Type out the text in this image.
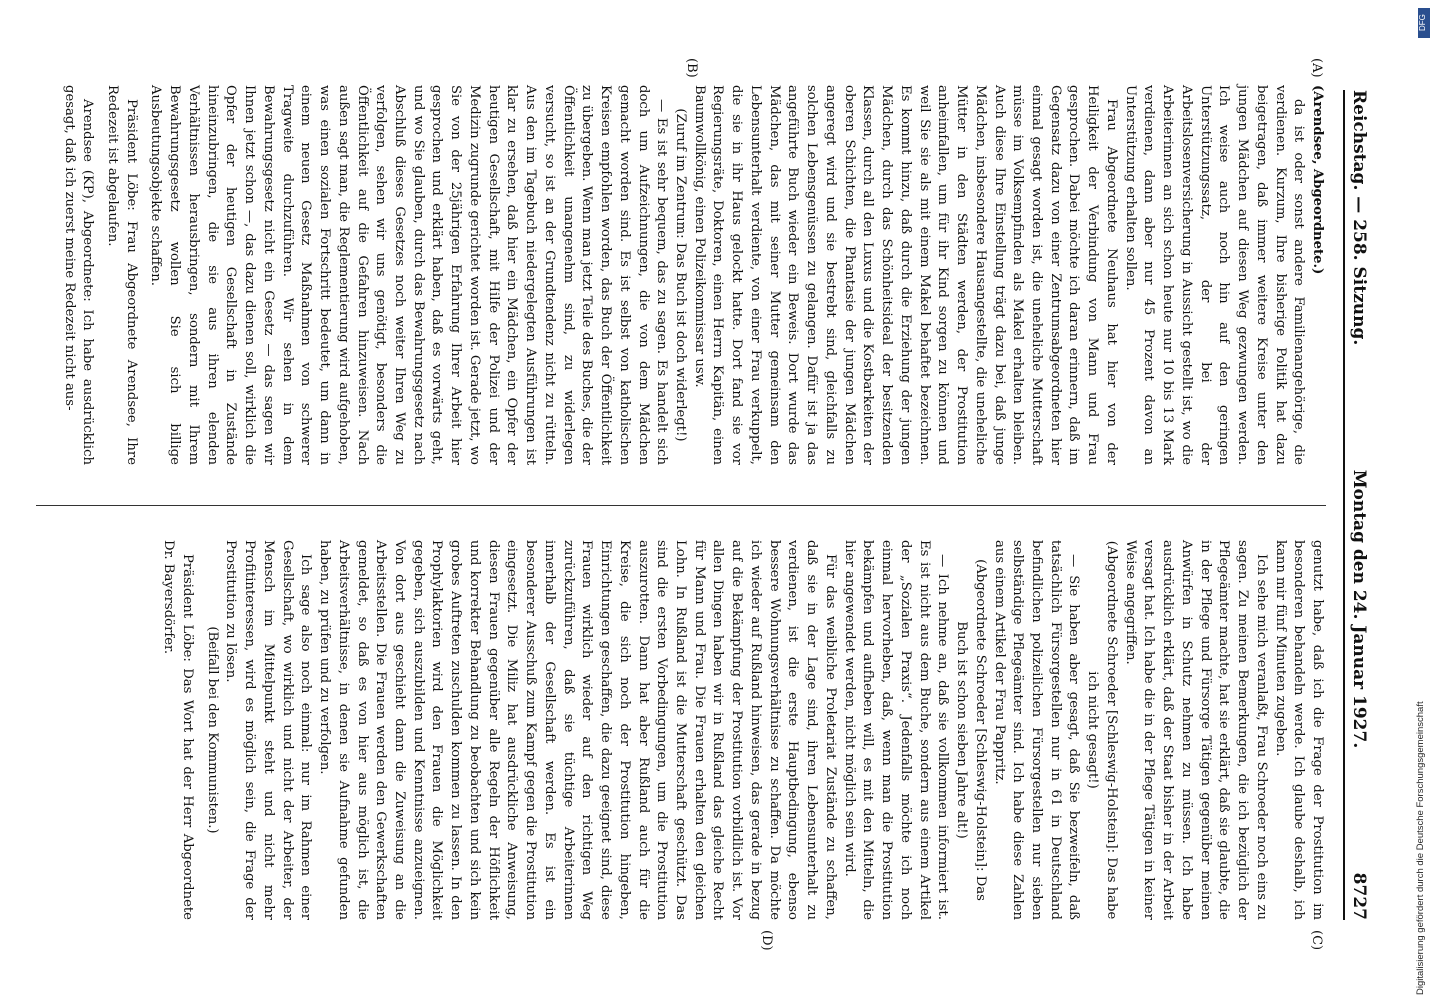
Reichstag. — 258. Sitzung.
Montag den 24. Januar 1927.
8727
(A)
(B)
(C)
(D)

(Arendsee, Abgeordnete.)

da ist oder sonst andere Familienangehörige, die verdienen. Kurzum, Ihre bisherige Politik hat dazu beigetragen, daß immer weitere Kreise unter den jungen Mädchen auf diesen Weg gezwungen werden. Ich weise auch noch hin auf den geringen Unterstützungssatz, der bei der Arbeitslosenversicherung in Aussicht gestellt ist, wo die Arbeiterinnen an sich schon heute nur 10 bis 13 Mark verdienen, dann aber nur 45 Prozent davon an Unterstützung erhalten sollen.

Frau Abgeordnete Neuhaus hat hier von der Heiligkeit der Verbindung von Mann und Frau gesprochen. Dabei möchte ich daran erinnern, daß im Gegensatz dazu von einer Zentrumsabgeordneten hier einmal gesagt worden ist, die uneheliche Mutterschaft müsse im Volksempfinden als Makel erhalten bleiben. Auch diese Ihre Einstellung trägt dazu bei, daß junge Mädchen, insbesondere Hausangestellte, die uneheliche Mütter in den Städten werden, der Prostitution anheimfallen, um für ihr Kind sorgen zu können und weil Sie sie als mit einem Makel behaftet bezeichnen. Es kommt hinzu, daß durch die Erziehung der jungen Mädchen, durch das Schönheitsideal der besitzenden Klassen, durch all den Luxus und die Kostbarkeiten der oberen Schichten, die Phantasie der jungen Mädchen angeregt wird und sie bestrebt sind, gleichfalls zu solchen Lebensgenüssen zu gelangen. Dafür ist ja das angeführte Buch wieder ein Beweis. Dort wurde das Mädchen, das mit seiner Mutter gemeinsam den Lebensunterhalt verdiente, von einer Frau verkuppelt, die sie in ihr Haus gelockt hatte. Dort fand sie vor Regierungsräte, Doktoren, einen Herrn Kapitän, einen Baumwollkönig, einen Polizeikommissar usw.

(Zuruf im Zentrum: Das Buch ist doch widerlegt!)

— Es ist sehr bequem, das zu sagen. Es handelt sich doch um Aufzeichnungen, die von dem Mädchen gemacht worden sind. Es ist selbst von katholischen Kreisen empfohlen worden, das Buch der Öffentlichkeit zu übergeben. Wenn man jetzt Teile des Buches, die der Öffentlichkeit unangenehm sind, zu widerlegen versucht, so ist an der Grundtendenz nicht zu rütteln. Aus den im Tagebuch niedergelegten Ausführungen ist klar zu ersehen, daß hier ein Mädchen, ein Opfer der heutigen Gesellschaft, mit Hilfe der Polizei und der Medizin zugrunde gerichtet worden ist. Gerade jetzt, wo Sie von der 25jährigen Erfahrung Ihrer Arbeit hier gesprochen und erklärt haben, daß es vorwärts geht, und wo Sie glauben, durch das Bewahrungsgesetz nach Abschluß dieses Gesetzes noch weiter Ihren Weg zu verfolgen, sehen wir uns genötigt, besonders die Öffentlichkeit auf die Gefahren hinzuweisen. Nach außen sagt man, die Reglementierung wird aufgehoben, was einen sozialen Fortschritt bedeutet, um dann in einem neuen Gesetz Maßnahmen von schwerer Tragweite durchzuführen. Wir sehen in dem Bewahrungsgesetz nicht ein Gesetz — das sagen wir Ihnen jetzt schon —, das dazu dienen soll, wirklich die Opfer der heutigen Gesellschaft in Zustände hineinzubringen, die sie aus ihren elenden Verhältnissen herausbringen, sondern mit Ihrem Bewahrungsgesetz wollen Sie sich billige Ausbeutungsobjekte schaffen.

Präsident Löbe: Frau Abgeordnete Arendsee, Ihre Redezeit ist abgelaufen.

Arendsee (KP), Abgeordnete: Ich habe ausdrücklich gesagt, daß ich zuerst meine Redezeit nicht aus-

genutzt habe, daß ich die Frage der Prostitution im besonderen behandeln werde. Ich glaube deshalb, ich kann mir fünf Minuten zugeben.

Ich sehe mich veranlaßt, Frau Schroeder noch eins zu sagen. Zu meinen Bemerkungen, die ich bezüglich der Pflegeämter machte, hat sie erklärt, daß sie glaubte, die in der Pflege und Fürsorge Tätigen gegenüber meinen Anwürfen in Schutz nehmen zu müssen. Ich habe ausdrücklich erklärt, daß der Staat bisher in der Arbeit versagt hat. Ich habe die in der Pflege Tätigen in keiner Weise angegriffen.

(Abgeordnete Schroeder [Schleswig-Holstein]: Das habe ich nicht gesagt!)

— Sie haben aber gesagt, daß Sie bezweifeln, daß tatsächlich Fürsorgestellen nur in 61 in Deutschland befindlichen polizeilichen Fürsorgestellen nur sieben selbständige Pflegeämter sind. Ich habe diese Zahlen aus einem Artikel der Frau Pappritz.

(Abgeordnete Schroeder [Schleswig-Holstein]: Das Buch ist schon sieben Jahre alt!)

— Ich nehme an, daß sie vollkommen informiert ist. Es ist nicht aus dem Buche, sondern aus einem Artikel der „Sozialen Praxis“. Jedenfalls möchte ich noch einmal hervorheben, daß, wenn man die Prostitution bekämpfen und aufheben will, es mit den Mitteln, die hier angewendet werden, nicht möglich sein wird.

Für das weibliche Proletariat Zustände zu schaffen, daß sie in der Lage sind, ihren Lebensunterhalt zu verdienen, ist die erste Hauptbedingung, ebenso bessere Wohnungsverhältnisse zu schaffen. Da möchte ich wieder auf Rußland hinweisen, das gerade in bezug auf die Bekämpfung der Prostitution vorbildlich ist. Vor allen Dingen haben wir in Rußland das gleiche Recht für Mann und Frau. Die Frauen erhalten den gleichen Lohn. In Rußland ist die Mutterschaft geschützt. Das sind die ersten Vorbedingungen, um die Prostitution auszurotten. Dann hat aber Rußland auch für die Kreise, die sich noch der Prostitution hingeben, Einrichtungen geschaffen, die dazu geeignet sind, diese Frauen wirklich wieder auf den richtigen Weg zurückzuführen, daß sie tüchtige Arbeiterinnen innerhalb der Gesellschaft werden. Es ist ein besonderer Ausschuß zum Kampf gegen die Prostitution eingesetzt. Die Miliz hat ausdrückliche Anweisung, diesen Frauen gegenüber alle Regeln der Höflichkeit und korrekter Behandlung zu beobachten und sich kein grobes Auftreten zuschulden kommen zu lassen. In den Prophylaktorien wird den Frauen die Möglichkeit gegeben, sich auszubilden und Kenntnisse anzueignen. Von dort aus geschieht dann die Zuweisung an die Arbeitsstellen. Die Frauen werden den Gewerkschaften gemeldet, so daß es von hier aus möglich ist, die Arbeitsverhältnisse, in denen sie Aufnahme gefunden haben, zu prüfen und zu verfolgen.

Ich sage also noch einmal: nur im Rahmen einer Gesellschaft, wo wirklich und nicht der Arbeiter, der Mensch im Mittelpunkt steht und nicht mehr Profitinteressen, wird es möglich sein, die Frage der Prostitution zu lösen.

(Beifall bei den Kommunisten.)

Präsident Löbe: Das Wort hat der Herr Abgeordnete Dr. Bayersdörfer.

DFG
Digitalisierung gefördert durch die Deutsche Forschungsgemeinschaft
